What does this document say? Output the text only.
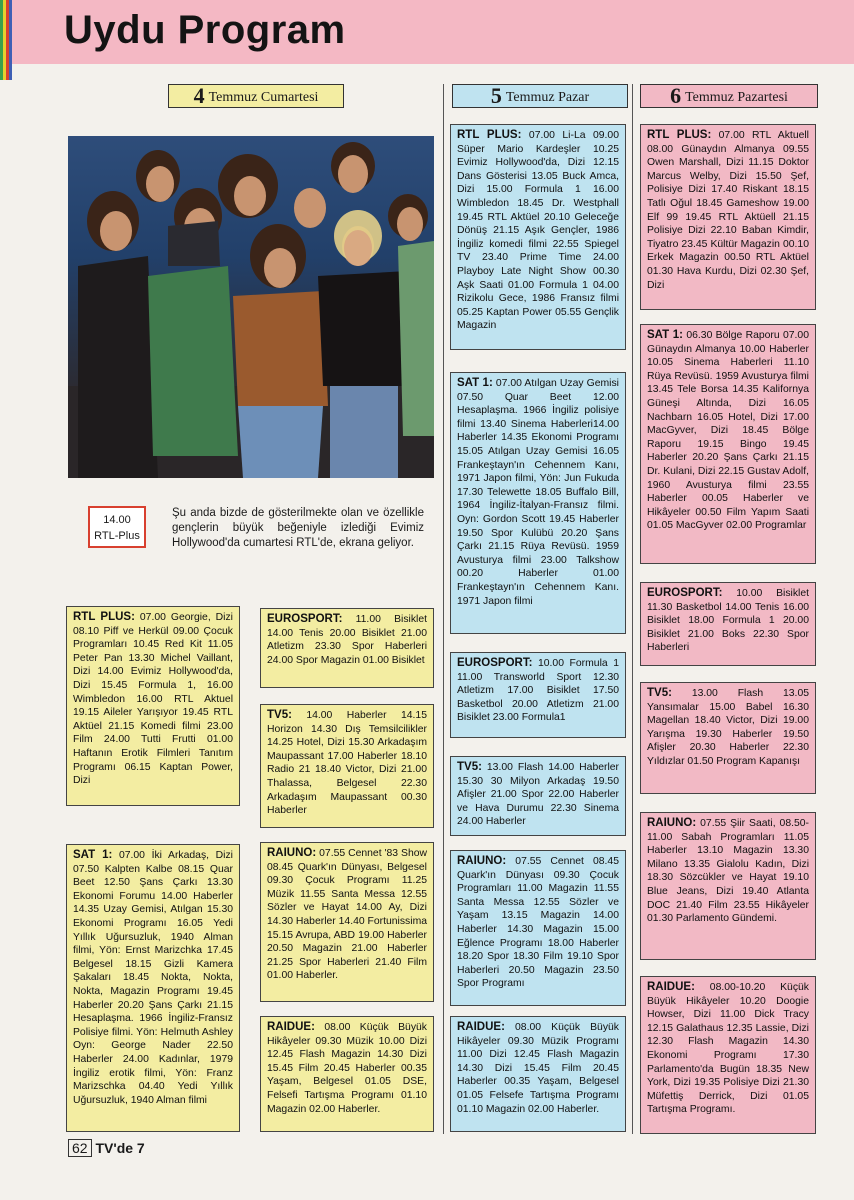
Uydu Program
4 Temmuz Cumartesi	5 Temmuz Pazar	6 Temmuz Pazartesi
14.00
RTL-Plus
Şu anda bizde de gösterilmekte olan ve özellikle gençlerin büyük beğeniyle izlediği Evimiz Hollywood'da cumartesi RTL'de, ekrana geliyor.
RTL PLUS: 07.00 Georgie, Dizi 08.10 Piff ve Herkül 09.00 Çocuk Programları 10.45 Red Kit 11.05 Peter Pan 13.30 Michel Vaillant, Dizi 14.00 Evimiz Hollywood'da, Dizi 15.45 Formula 1, 16.00 Wimbledon 16.00 RTL Aktuel 19.15 Aileler Yarışıyor 19.45 RTL Aktüel 21.15 Komedi filmi 23.00 Film 24.00 Tutti Frutti 01.00 Haftanın Erotik Filmleri Tanıtım Programı 06.15 Kaptan Power, Dizi
SAT 1: 07.00 İki Arkadaş, Dizi 07.50 Kalpten Kalbe 08.15 Quar Beet 12.50 Şans Çarkı 13.30 Ekonomi Forumu 14.00 Haberler 14.35 Uzay Gemisi, Atılgan 15.30 Ekonomi Programı 16.05 Yedi Yıllık Uğursuzluk, 1940 Alman filmi, Yön: Ernst Marizchka 17.45 Belgesel 18.15 Gizli Kamera Şakaları 18.45 Nokta, Nokta, Nokta, Magazin Programı 19.45 Haberler 20.20 Şans Çarkı 21.15 Hesaplaşma. 1966 İngiliz-Fransız Polisiye filmi. Yön: Helmuth Ashley Oyn: George Nader 22.50 Haberler 24.00 Kadınlar, 1979 İngiliz erotik filmi, Yön: Franz Marizschka 04.40 Yedi Yıllık Uğursuzluk, 1940 Alman filmi
EUROSPORT: 11.00 Bisiklet 14.00 Tenis 20.00 Bisiklet 21.00 Atletizm 23.30 Spor Haberleri 24.00 Spor Magazin 01.00 Bisiklet
TV5: 14.00 Haberler 14.15 Horizon 14.30 Dış Temsilcilikler 14.25 Hotel, Dizi 15.30 Arkadaşım Maupassant 17.00 Haberler 18.10 Radio 21 18.40 Victor, Dizi 21.00 Thalassa, Belgesel 22.30 Arkadaşım Maupassant 00.30 Haberler
RAIUNO: 07.55 Cennet '83 Show 08.45 Quark'ın Dünyası, Belgesel 09.30 Çocuk Programı 11.25 Müzik 11.55 Santa Messa 12.55 Sözler ve Hayat 14.00 Ay, Dizi 14.30 Haberler 14.40 Fortunissima 15.15 Avrupa, ABD 19.00 Haberler 20.50 Magazin 21.00 Haberler 21.25 Spor Haberleri 21.40 Film 01.00 Haberler.
RAIDUE: 08.00 Küçük Büyük Hikâyeler 09.30 Müzik 10.00 Dizi 12.45 Flash Magazin 14.30 Dizi 15.45 Film 20.45 Haberler 00.35 Yaşam, Belgesel 01.05 DSE, Felsefi Tartışma Programı 01.10 Magazin 02.00 Haberler.
RTL PLUS: 07.00 Li-La 09.00 Süper Mario Kardeşler 10.25 Evimiz Hollywood'da, Dizi 12.15 Dans Gösterisi 13.05 Buck Amca, Dizi 15.00 Formula 1 16.00 Wimbledon 18.45 Dr. Westphall 19.45 RTL Aktüel 20.10 Geleceğe Dönüş 21.15 Aşık Gençler, 1986 İngiliz komedi filmi 22.55 Spiegel TV 23.40 Prime Time 24.00 Playboy Late Night Show 00.30 Aşk Saati 01.00 Formula 1 04.00 Rizikolu Gece, 1986 Fransız filmi 05.25 Kaptan Power 05.55 Gençlik Magazin
SAT 1: 07.00 Atılgan Uzay Gemisi 07.50 Quar Beet 12.00 Hesaplaşma. 1966 İngiliz polisiye filmi 13.40 Sinema Haberleri14.00 Haberler 14.35 Ekonomi Programı 15.05 Atılgan Uzay Gemisi 16.05 Frankeştayn'ın Cehennem Kanı, 1971 Japon filmi, Yön: Jun Fukuda 17.30 Telewette 18.05 Buffalo Bill, 1964 İngiliz-İtalyan-Fransız filmi. Oyn: Gordon Scott 19.45 Haberler 19.50 Spor Kulübü 20.20 Şans Çarkı 21.15 Rüya Revüsü. 1959 Avusturya filmi 23.00 Talkshow 00.20 Haberler 01.00 Frankeştayn'ın Cehennem Kanı. 1971 Japon filmi
EUROSPORT: 10.00 Formula 1 11.00 Transworld Sport 12.30 Atletizm 17.00 Bisiklet 17.50 Basketbol 20.00 Atletizm 21.00 Bisiklet 23.00 Formula1
TV5: 13.00 Flash 14.00 Haberler 15.30 30 Milyon Arkadaş 19.50 Afişler 21.00 Spor 22.00 Haberler ve Hava Durumu 22.30 Sinema 24.00 Haberler
RAIUNO: 07.55 Cennet 08.45 Quark'ın Dünyası 09.30 Çocuk Programları 11.00 Magazin 11.55 Santa Messa 12.55 Sözler ve Yaşam 13.15 Magazin 14.00 Haberler 14.30 Magazin 15.00 Eğlence Programı 18.00 Haberler 18.20 Spor 18.30 Film 19.10 Spor Haberleri 20.50 Magazin 23.50 Spor Programı
RAIDUE: 08.00 Küçük Büyük Hikâyeler 09.30 Müzik Programı 11.00 Dizi 12.45 Flash Magazin 14.30 Dizi 15.45 Film 20.45 Haberler 00.35 Yaşam, Belgesel 01.05 Felsefe Tartışma Programı 01.10 Magazin 02.00 Haberler.
RTL PLUS: 07.00 RTL Aktuell 08.00 Günaydın Almanya 09.55 Owen Marshall, Dizi 11.15 Doktor Marcus Welby, Dizi 15.50 Şef, Polisiye Dizi 17.40 Riskant 18.15 Tatlı Oğul 18.45 Gameshow 19.00 Elf 99 19.45 RTL Aktüell 21.15 Polisiye Dizi 22.10 Baban Kimdir, Tiyatro 23.45 Kültür Magazin 00.10 Erkek Magazin 00.50 RTL Aktüel 01.30 Hava Kurdu, Dizi 02.30 Şef, Dizi
SAT 1: 06.30 Bölge Raporu 07.00 Günaydın Almanya 10.00 Haberler 10.05 Sinema Haberleri 11.10 Rüya Revüsü. 1959 Avusturya filmi 13.45 Tele Borsa 14.35 Kalifornya Güneşi Altında, Dizi 16.05 Nachbarn 16.05 Hotel, Dizi 17.00 MacGyver, Dizi 18.45 Bölge Raporu 19.15 Bingo 19.45 Haberler 20.20 Şans Çarkı 21.15 Dr. Kulani, Dizi 22.15 Gustav Adolf, 1960 Avusturya filmi 23.55 Haberler 00.05 Haberler ve Hikâyeler 00.50 Film Yapım Saati 01.05 MacGyver 02.00 Programlar
EUROSPORT: 10.00 Bisiklet 11.30 Basketbol 14.00 Tenis 16.00 Bisiklet 18.00 Formula 1 20.00 Bisiklet 21.00 Boks 22.30 Spor Haberleri
TV5: 13.00 Flash 13.05 Yansımalar 15.00 Babel 16.30 Magellan 18.40 Victor, Dizi 19.00 Yarışma 19.30 Haberler 19.50 Afişler 20.30 Haberler 22.30 Yıldızlar 01.50 Program Kapanışı
RAIUNO: 07.55 Şiir Saati, 08.50-11.00 Sabah Programları 11.05 Haberler 13.10 Magazin 13.30 Milano 13.35 Gialolu Kadın, Dizi 18.30 Sözcükler ve Hayat 19.10 Blue Jeans, Dizi 19.40 Atlanta DOC 21.40 Film 23.55 Hikâyeler 01.30 Parlamento Gündemi.
RAIDUE: 08.00-10.20 Küçük Büyük Hikâyeler 10.20 Doogie Howser, Dizi 11.00 Dick Tracy 12.15 Galathaus 12.35 Lassie, Dizi 12.30 Flash Magazin 14.30 Ekonomi Programı 17.30 Parlamento'da Bugün 18.35 New York, Dizi 19.35 Polisiye Dizi 21.30 Müfettiş Derrick, Dizi 01.05 Tartışma Programı.
62 TV'de 7
